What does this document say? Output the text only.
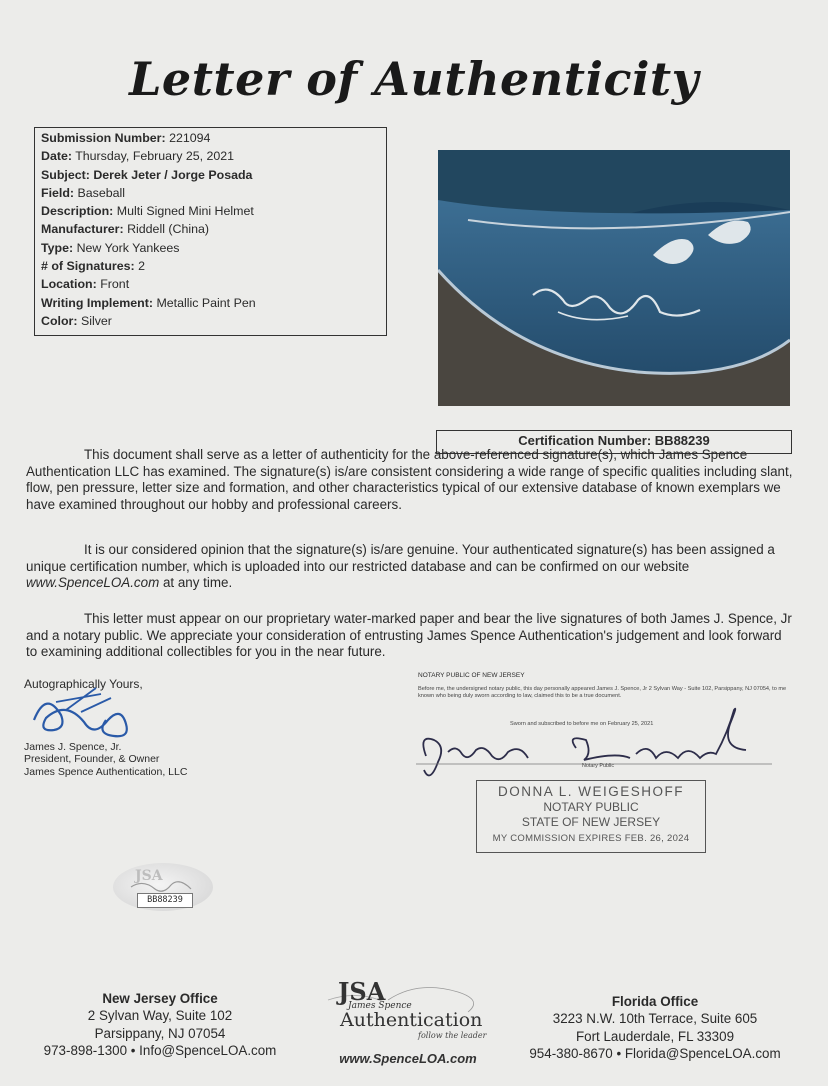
Letter of Authenticity
Submission Number: 221094
Date: Thursday, February 25, 2021
Subject: Derek Jeter / Jorge Posada
Field: Baseball
Description: Multi Signed Mini Helmet
Manufacturer: Riddell (China)
Type: New York Yankees
# of Signatures: 2
Location: Front
Writing Implement: Metallic Paint Pen
Color: Silver
Certification Number: BB88239
This document shall serve as a letter of authenticity for the above-referenced signature(s), which James Spence Authentication LLC has examined. The signature(s) is/are consistent considering a wide range of specific qualities including slant, flow, pen pressure, letter size and formation, and other characteristics typical of our extensive database of known exemplars we have examined throughout our hobby and professional careers.
It is our considered opinion that the signature(s) is/are genuine. Your authenticated signature(s) has been assigned a unique certification number, which is uploaded into our restricted database and can be confirmed on our website www.SpenceLOA.com at any time.
This letter must appear on our proprietary water-marked paper and bear the live signatures of both James J. Spence, Jr and a notary public. We appreciate your consideration of entrusting James Spence Authentication's judgement and look forward to examining additional collectibles for you in the near future.
Autographically Yours,
James J. Spence, Jr.
President, Founder, & Owner
James Spence Authentication, LLC
NOTARY PUBLIC OF NEW JERSEY
Before me, the undersigned notary public, this day personally appeared James J. Spence, Jr 2 Sylvan Way - Suite 102, Parsippany, NJ 07054, to me known who being duly sworn according to law, claimed this to be a true document.
Sworn and subscribed to before me on February 25, 2021
Notary Public
DONNA L. WEIGESHOFF
NOTARY PUBLIC
STATE OF NEW JERSEY
MY COMMISSION EXPIRES FEB. 26, 2024
JSA
BB88239
New Jersey Office
2 Sylvan Way, Suite 102
Parsippany, NJ 07054
973-898-1300 • Info@SpenceLOA.com
JSA
James Spence
Authentication
follow the leader
www.SpenceLOA.com
Florida Office
3223 N.W. 10th Terrace, Suite 605
Fort Lauderdale, FL 33309
954-380-8670 • Florida@SpenceLOA.com
